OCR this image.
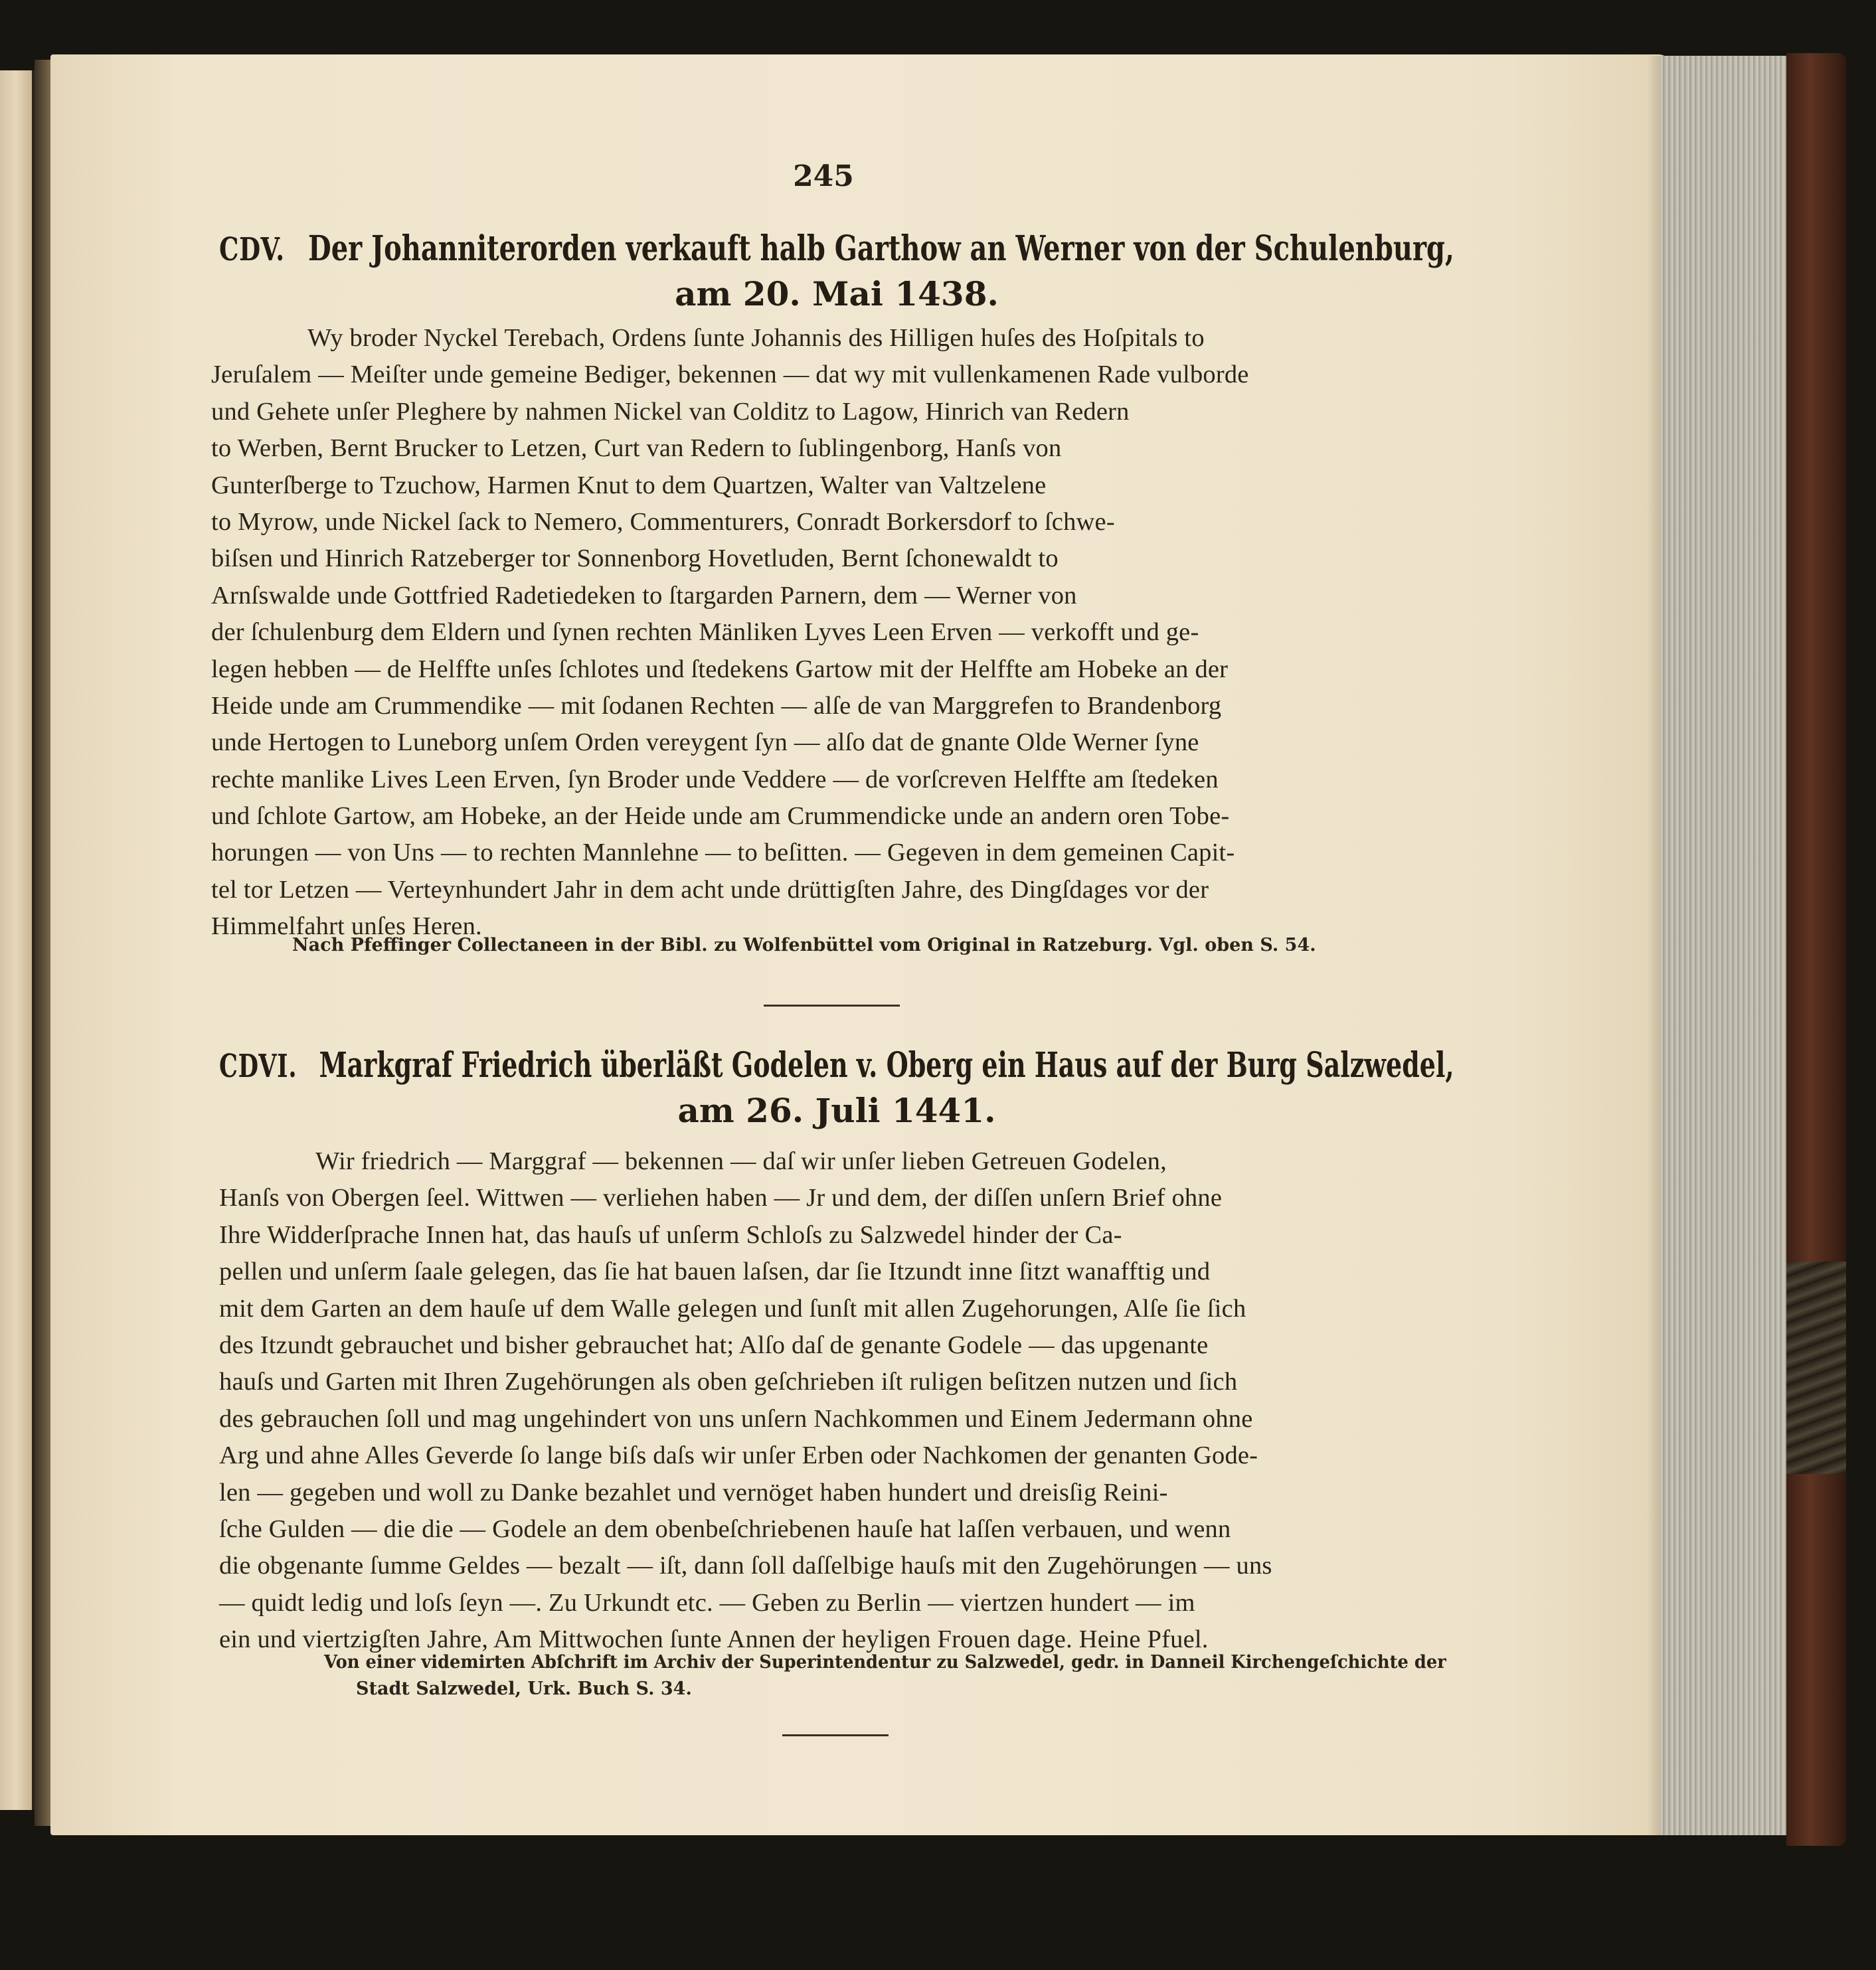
245
CDV. Der Johanniterorden verkauft halb Garthow an Werner von der Schulenburg,
am 20. Mai 1438.
Wy broder Nyckel Terebach, Ordens ſunte Johannis des Hilligen huſes des Hoſpitals to
Jeruſalem — Meiſter unde gemeine Bediger, bekennen — dat wy mit vullenkamenen Rade vulborde
und Gehete unſer Pleghere by nahmen Nickel van Colditz to Lagow, Hinrich van Redern
to Werben, Bernt Brucker to Letzen, Curt van Redern to ſublingenborg, Hanſs von
Gunterſberge to Tzuchow, Harmen Knut to dem Quartzen, Walter van Valtzelene
to Myrow, unde Nickel ſack to Nemero, Commenturers, Conradt Borkersdorf to ſchwe-
biſsen und Hinrich Ratzeberger tor Sonnenborg Hovetluden, Bernt ſchonewaldt to
Arnſswalde unde Gottfried Radetiedeken to ſtargarden Parnern, dem — Werner von
der ſchulenburg dem Eldern und ſynen rechten Mänliken Lyves Leen Erven — verkofft und ge-
legen hebben — de Helffte unſes ſchlotes und ſtedekens Gartow mit der Helffte am Hobeke an der
Heide unde am Crummendike — mit ſodanen Rechten — alſe de van Marggrefen to Brandenborg
unde Hertogen to Luneborg unſem Orden vereygent ſyn — alſo dat de gnante Olde Werner ſyne
rechte manlike Lives Leen Erven, ſyn Broder unde Veddere — de vorſcreven Helffte am ſtedeken
und ſchlote Gartow, am Hobeke, an der Heide unde am Crummendicke unde an andern oren Tobe-
horungen — von Uns — to rechten Mannlehne — to beſitten. — Gegeven in dem gemeinen Capit-
tel tor Letzen — Verteynhundert Jahr in dem acht unde drüttigſten Jahre, des Dingſdages vor der
Himmelfahrt unſes Heren.
Nach Pfeffinger Collectaneen in der Bibl. zu Wolfenbüttel vom Original in Ratzeburg. Vgl. oben S. 54.
CDVI. Markgraf Friedrich überläßt Godelen v. Oberg ein Haus auf der Burg Salzwedel,
am 26. Juli 1441.
Wir friedrich — Marggraf — bekennen — daſ wir unſer lieben Getreuen Godelen,
Hanſs von Obergen ſeel. Wittwen — verliehen haben — Jr und dem, der diſſen unſern Brief ohne
Ihre Widderſprache Innen hat, das hauſs uf unſerm Schloſs zu Salzwedel hinder der Ca-
pellen und unſerm ſaale gelegen, das ſie hat bauen laſsen, dar ſie Itzundt inne ſitzt wanafftig und
mit dem Garten an dem hauſe uf dem Walle gelegen und ſunſt mit allen Zugehorungen, Alſe ſie ſich
des Itzundt gebrauchet und bisher gebrauchet hat; Alſo daſ de genante Godele — das upgenante
hauſs und Garten mit Ihren Zugehörungen als oben geſchrieben iſt ruligen beſitzen nutzen und ſich
des gebrauchen ſoll und mag ungehindert von uns unſern Nachkommen und Einem Jedermann ohne
Arg und ahne Alles Geverde ſo lange biſs daſs wir unſer Erben oder Nachkomen der genanten Gode-
len — gegeben und woll zu Danke bezahlet und vernöget haben hundert und dreisſig Reini-
ſche Gulden — die die — Godele an dem obenbeſchriebenen hauſe hat laſſen verbauen, und wenn
die obgenante ſumme Geldes — bezalt — iſt, dann ſoll daſſelbige hauſs mit den Zugehörungen — uns
— quidt ledig und loſs ſeyn —. Zu Urkundt etc. — Geben zu Berlin — viertzen hundert — im
ein und viertzigſten Jahre, Am Mittwochen ſunte Annen der heyligen Frouen dage. Heine Pfuel.
Von einer videmirten Abſchrift im Archiv der Superintendentur zu Salzwedel, gedr. in Danneil Kirchengeſchichte der
Stadt Salzwedel, Urk. Buch S. 34.
